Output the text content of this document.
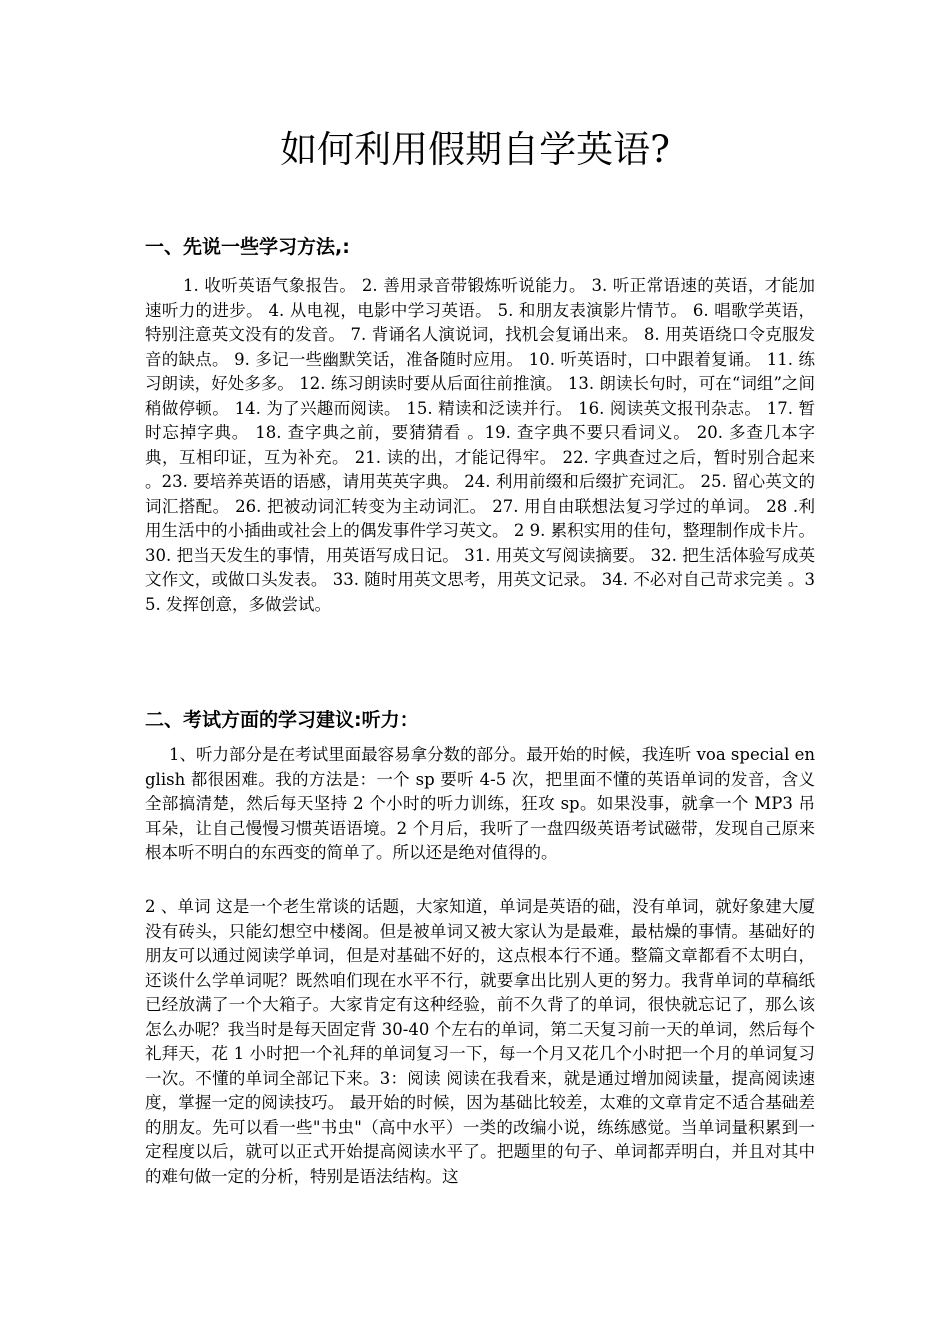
如何利用假期自学英语?
一、先说一些学习方法,:

1. 收听英语气象报告。 2. 善用录音带锻炼听说能力。 3. 听正常语速的英语，才能加速听力的进步。 4. 从电视，电影中学习英语。 5. 和朋友表演影片情节。 6. 唱歌学英语，特别注意英文没有的发音。 7. 背诵名人演说词，找机会复诵出来。 8. 用英语绕口令克服发音的缺点。 9. 多记一些幽默笑话，准备随时应用。 10. 听英语时，口中跟着复诵。 11. 练习朗读，好处多多。 12. 练习朗读时要从后面往前推演。 13. 朗读长句时，可在“词组”之间稍做停顿。 14. 为了兴趣而阅读。 15. 精读和泛读并行。 16. 阅读英文报刊杂志。 17. 暂时忘掉字典。 18. 查字典之前，要猜猜看 。19. 查字典不要只看词义。 20. 多查几本字典，互相印证，互为补充。 21. 读的出，才能记得牢。 22. 字典查过之后，暂时别合起来 。23. 要培养英语的语感，请用英英字典。 24. 利用前缀和后缀扩充词汇。 25. 留心英文的词汇搭配。 26. 把被动词汇转变为主动词汇。 27. 用自由联想法复习学过的单词。 28 .利用生活中的小插曲或社会上的偶发事件学习英文。 2 9. 累积实用的佳句，整理制作成卡片。 30. 把当天发生的事情，用英语写成日记。 31. 用英文写阅读摘要。 32. 把生活体验写成英文作文，或做口头发表。 33. 随时用英文思考，用英文记录。 34. 不必对自己苛求完美 。35. 发挥创意，多做尝试。

二、考试方面的学习建议:听力：

1、听力部分是在考试里面最容易拿分数的部分。最开始的时候，我连听 voa special english 都很困难。我的方法是：一个 sp 要听 4-5 次，把里面不懂的英语单词的发音，含义全部搞清楚，然后每天坚持 2 个小时的听力训练，狂攻 sp。如果没事，就拿一个 MP3 吊耳朵，让自己慢慢习惯英语语境。2 个月后，我听了一盘四级英语考试磁带，发现自己原来根本听不明白的东西变的简单了。所以还是绝对值得的。

2 、单词 这是一个老生常谈的话题，大家知道，单词是英语的础，没有单词，就好象建大厦没有砖头，只能幻想空中楼阁。但是被单词又被大家认为是最难，最枯燥的事情。基础好的朋友可以通过阅读学单词，但是对基础不好的，这点根本行不通。整篇文章都看不太明白，还谈什么学单词呢？既然咱们现在水平不行，就要拿出比别人更的努力。我背单词的草稿纸已经放满了一个大箱子。大家肯定有这种经验，前不久背了的单词，很快就忘记了，那么该怎么办呢？我当时是每天固定背 30-40 个左右的单词，第二天复习前一天的单词，然后每个礼拜天，花 1 小时把一个礼拜的单词复习一下，每一个月又花几个小时把一个月的单词复习一次。不懂的单词全部记下来。3：阅读 阅读在我看来，就是通过增加阅读量，提高阅读速度，掌握一定的阅读技巧。 最开始的时候，因为基础比较差，太难的文章肯定不适合基础差的朋友。先可以看一些"书虫"（高中水平）一类的改编小说，练练感觉。当单词量积累到一定程度以后，就可以正式开始提高阅读水平了。把题里的句子、单词都弄明白，并且对其中的难句做一定的分析，特别是语法结构。这
